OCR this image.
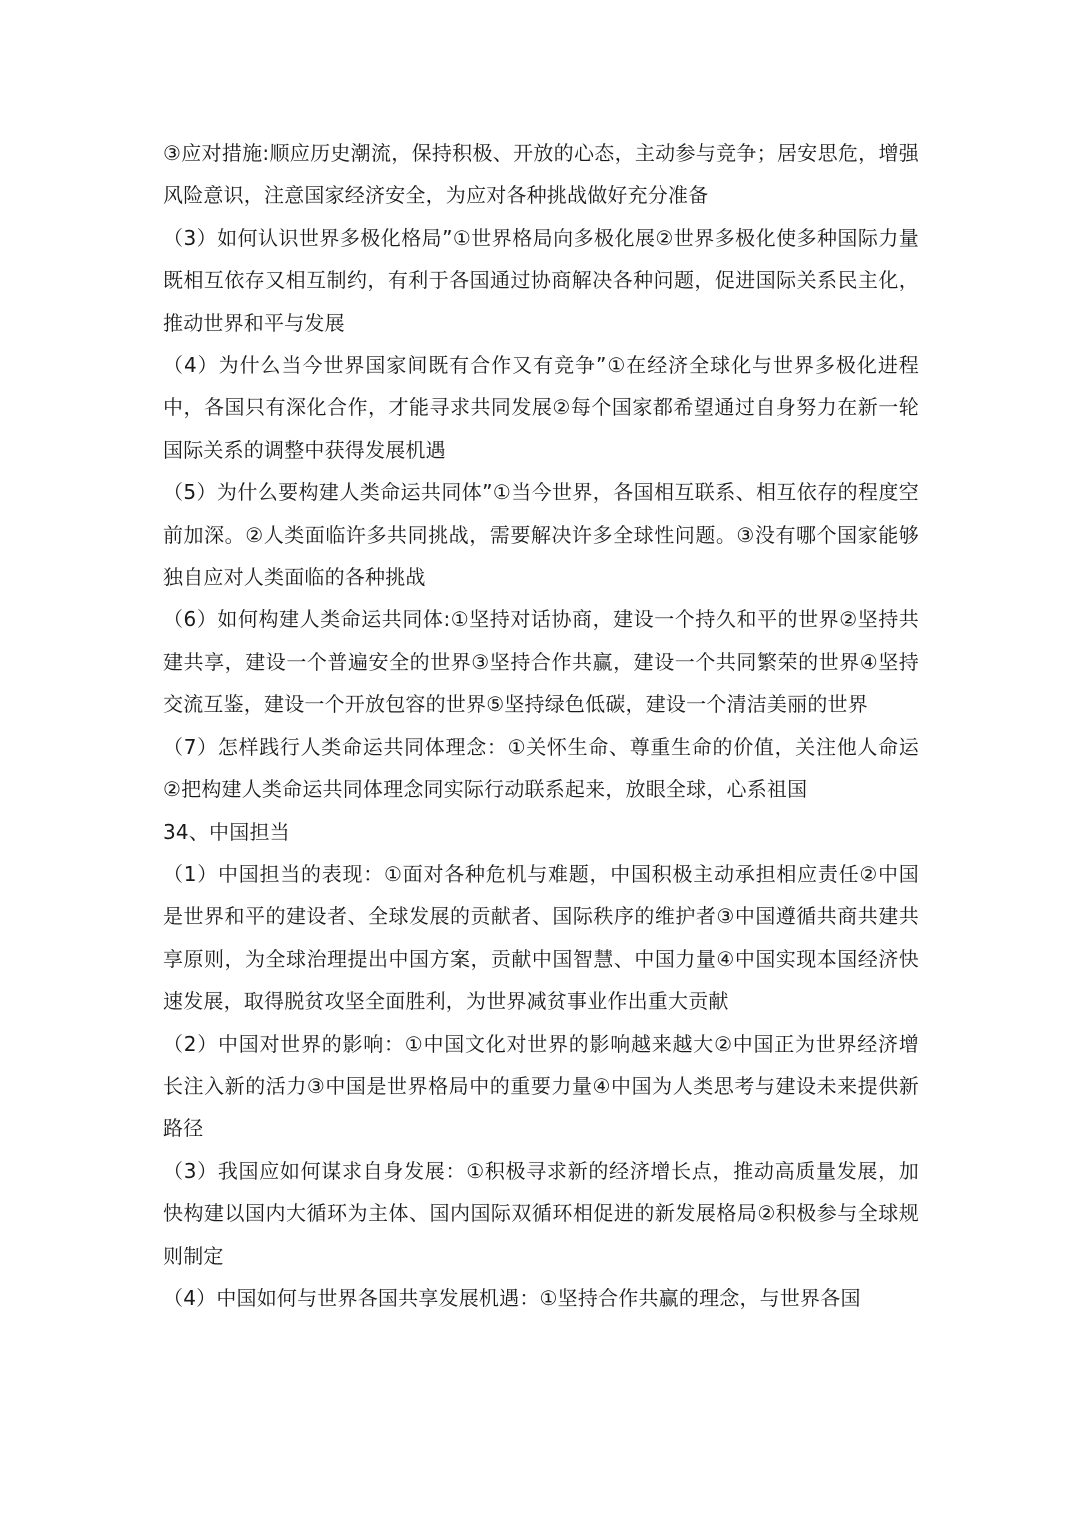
③应对措施:顺应历史潮流，保持积极、开放的心态，主动参与竞争；居安思危，增强风险意识，注意国家经济安全，为应对各种挑战做好充分准备

（3）如何认识世界多极化格局”①世界格局向多极化展②世界多极化使多种国际力量既相互依存又相互制约，有利于各国通过协商解决各种问题，促进国际关系民主化，推动世界和平与发展

（4）为什么当今世界国家间既有合作又有竞争”①在经济全球化与世界多极化进程中，各国只有深化合作，才能寻求共同发展②每个国家都希望通过自身努力在新一轮国际关系的调整中获得发展机遇

（5）为什么要构建人类命运共同体”①当今世界，各国相互联系、相互依存的程度空前加深。②人类面临许多共同挑战，需要解决许多全球性问题。③没有哪个国家能够独自应对人类面临的各种挑战

（6）如何构建人类命运共同体:①坚持对话协商，建设一个持久和平的世界②坚持共建共享，建设一个普遍安全的世界③坚持合作共赢，建设一个共同繁荣的世界④坚持交流互鉴，建设一个开放包容的世界⑤坚持绿色低碳，建设一个清洁美丽的世界

（7）怎样践行人类命运共同体理念：①关怀生命、尊重生命的价值，关注他人命运②把构建人类命运共同体理念同实际行动联系起来，放眼全球，心系祖国

34、中国担当

（1）中国担当的表现：①面对各种危机与难题，中国积极主动承担相应责任②中国是世界和平的建设者、全球发展的贡献者、国际秩序的维护者③中国遵循共商共建共享原则，为全球治理提出中国方案，贡献中国智慧、中国力量④中国实现本国经济快速发展，取得脱贫攻坚全面胜利，为世界减贫事业作出重大贡献

（2）中国对世界的影响：①中国文化对世界的影响越来越大②中国正为世界经济增长注入新的活力③中国是世界格局中的重要力量④中国为人类思考与建设未来提供新路径

（3）我国应如何谋求自身发展：①积极寻求新的经济增长点，推动高质量发展，加快构建以国内大循环为主体、国内国际双循环相促进的新发展格局②积极参与全球规则制定

（4）中国如何与世界各国共享发展机遇：①坚持合作共赢的理念，与世界各国
